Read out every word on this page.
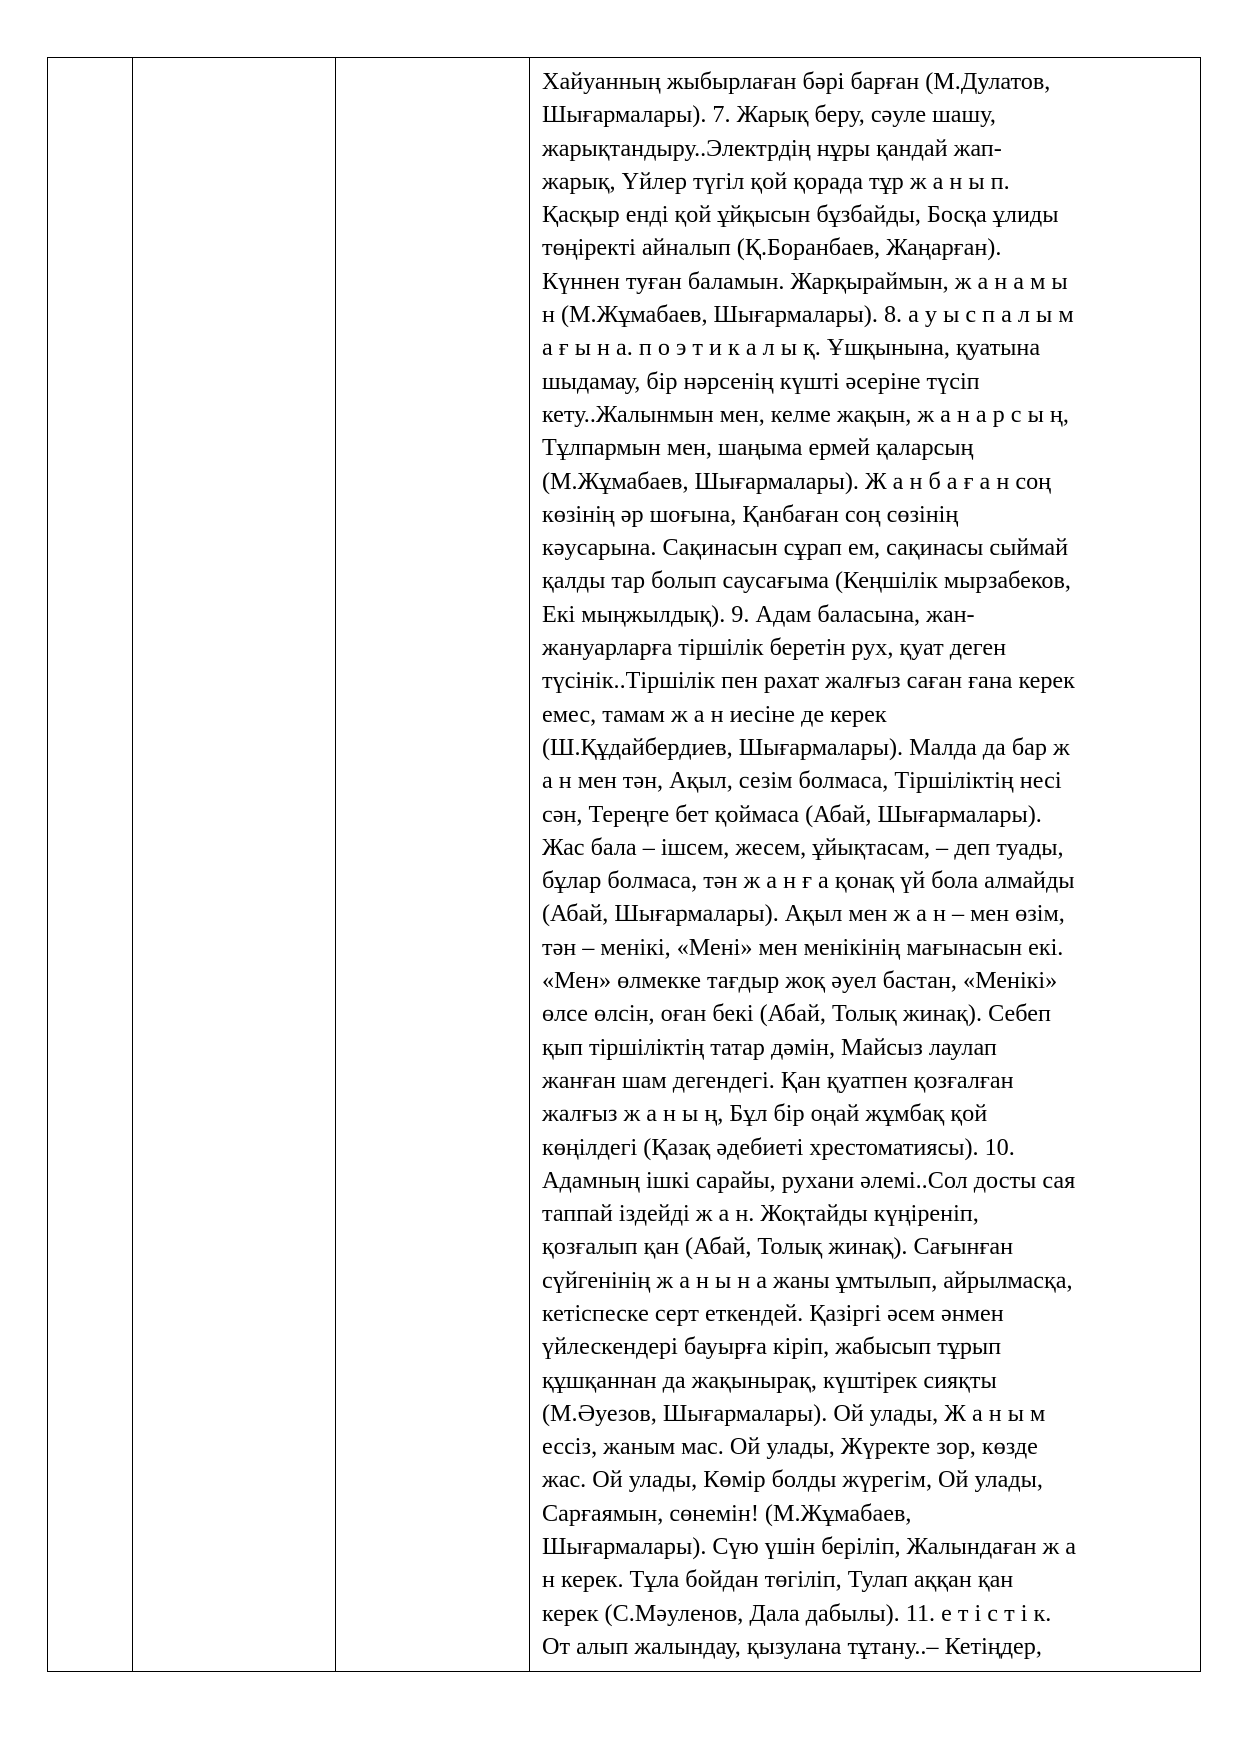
Хайуанның жыбырлаған бәрі барған (М.Дулатов,
Шығармалары). 7. Жарық беру, сәуле шашу,
жарықтандыру..Электрдің нұры қандай жап-
жарық, Үйлер түгіл қой қорада тұр ж а н ы п.
Қасқыр енді қой ұйқысын бұзбайды, Босқа ұлиды
төңіректі айналып (Қ.Боранбаев, Жаңарған).
Күннен туған баламын. Жарқыраймын, ж а н а м ы
н (М.Жұмабаев, Шығармалары). 8. а у ы с п а л ы м
а ғ ы н а. п о э т и к а л ы қ. Ұшқынына, қуатына
шыдамау, бір нәрсенің күшті әсеріне түсіп
кету..Жалынмын мен, келме жақын, ж а н а р с ы ң,
Тұлпармын мен, шаңыма ермей қаларсың
(М.Жұмабаев, Шығармалары). Ж а н б а ғ а н соң
көзінің әр шоғына, Қанбаған соң сөзінің
кәусарына. Сақинасын сұрап ем, сақинасы сыймай
қалды тар болып саусағыма (Кеңшілік мырзабеков,
Екі мыңжылдық). 9. Адам баласына, жан-
жануарларға тіршілік беретін рух, қуат деген
түсінік..Тіршілік пен рахат жалғыз саған ғана керек
емес, тамам ж а н иесіне де керек
(Ш.Құдайбердиев, Шығармалары). Малда да бар ж
а н мен тән, Ақыл, сезім болмаса, Тіршіліктің несі
сән, Тереңге бет қоймаса (Абай, Шығармалары).
Жас бала – ішсем, жесем, ұйықтасам, – деп туады,
бұлар болмаса, тән ж а н ғ а қонақ үй бола алмайды
(Абай, Шығармалары). Ақыл мен ж а н – мен өзім,
тән – менікі, «Мені» мен менікінің мағынасын екі.
«Мен» өлмекке тағдыр жоқ әуел бастан, «Менікі»
өлсе өлсін, оған бекі (Абай, Толық жинақ). Себеп
қып тіршіліктің татар дәмін, Майсыз лаулап
жанған шам дегендегі. Қан қуатпен қозғалған
жалғыз ж а н ы ң, Бұл бір оңай жұмбақ қой
көңілдегі (Қазақ әдебиеті хрестоматиясы). 10.
Адамның ішкі сарайы, рухани әлемі..Сол досты сая
таппай іздейді ж а н. Жоқтайды күңіреніп,
қозғалып қан (Абай, Толық жинақ). Сағынған
сүйгенінің ж а н ы н а жаны ұмтылып, айрылмасқа,
кетіспеске серт еткендей. Қазіргі әсем әнмен
үйлескендері бауырға кіріп, жабысып тұрып
құшқаннан да жақынырақ, күштірек сияқты
(М.Әуезов, Шығармалары). Ой улады, Ж а н ы м
ессіз, жаным мас. Ой улады, Жүректе зор, көзде
жас. Ой улады, Көмір болды жүрегім, Ой улады,
Сарғаямын, сөнемін! (М.Жұмабаев,
Шығармалары). Сүю үшін беріліп, Жалындаған ж а
н керек. Тұла бойдан төгіліп, Тулап аққан қан
керек (С.Мәуленов, Дала дабылы). 11. е т і с т і к.
От алып жалындау, қызулана тұтану..– Кетіңдер,
